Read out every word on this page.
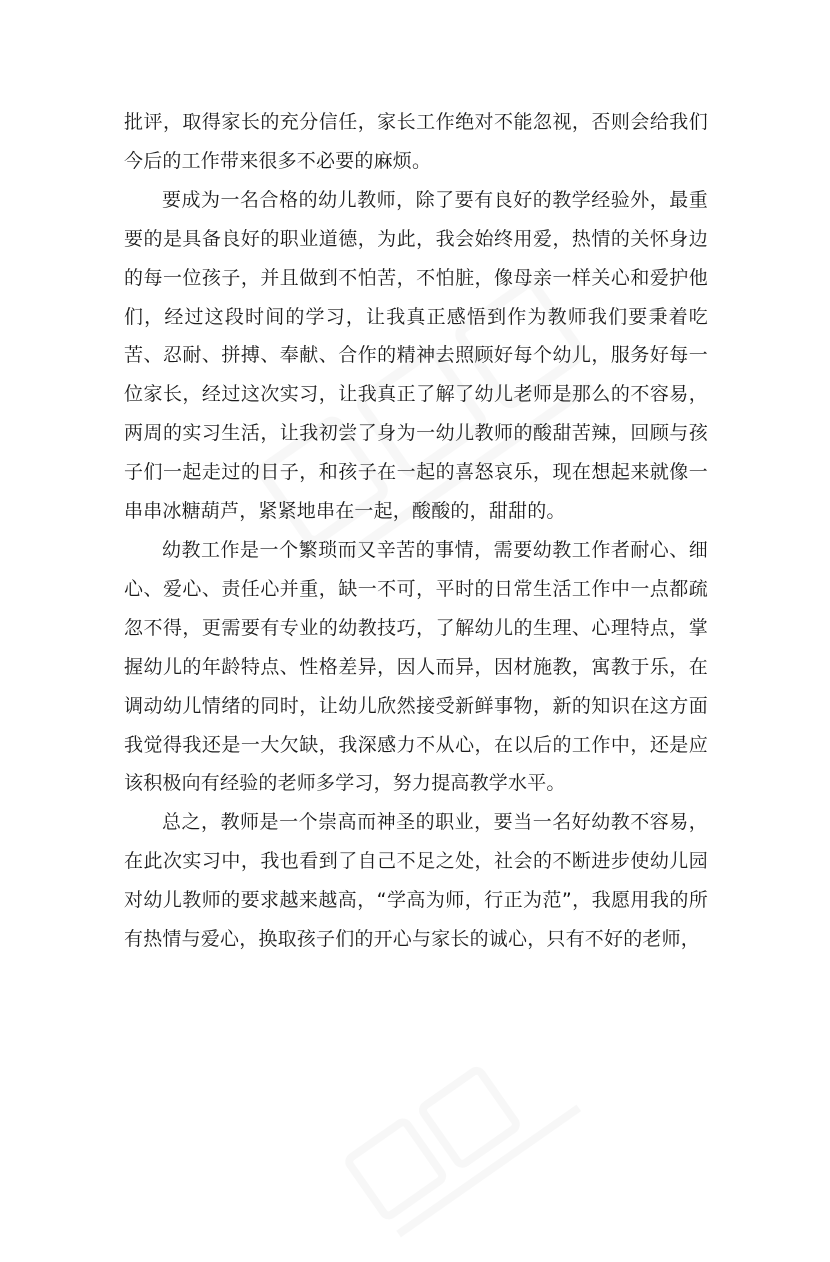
批评，取得家长的充分信任，家长工作绝对不能忽视，否则会给我们今后的工作带来很多不必要的麻烦。

要成为一名合格的幼儿教师，除了要有良好的教学经验外，最重要的是具备良好的职业道德，为此，我会始终用爱，热情的关怀身边的每一位孩子，并且做到不怕苦，不怕脏，像母亲一样关心和爱护他们，经过这段时间的学习，让我真正感悟到作为教师我们要秉着吃苦、忍耐、拼搏、奉献、合作的精神去照顾好每个幼儿，服务好每一位家长，经过这次实习，让我真正了解了幼儿老师是那么的不容易，两周的实习生活，让我初尝了身为一幼儿教师的酸甜苦辣，回顾与孩子们一起走过的日子，和孩子在一起的喜怒哀乐，现在想起来就像一串串冰糖葫芦，紧紧地串在一起，酸酸的，甜甜的。

幼教工作是一个繁琐而又辛苦的事情，需要幼教工作者耐心、细心、爱心、责任心并重，缺一不可，平时的日常生活工作中一点都疏忽不得，更需要有专业的幼教技巧，了解幼儿的生理、心理特点，掌握幼儿的年龄特点、性格差异，因人而异，因材施教，寓教于乐，在调动幼儿情绪的同时，让幼儿欣然接受新鲜事物，新的知识在这方面我觉得我还是一大欠缺，我深感力不从心，在以后的工作中，还是应该积极向有经验的老师多学习，努力提高教学水平。

总之，教师是一个崇高而神圣的职业，要当一名好幼教不容易，在此次实习中，我也看到了自己不足之处，社会的不断进步使幼儿园对幼儿教师的要求越来越高，“学高为师，行正为范”，我愿用我的所有热情与爱心，换取孩子们的开心与家长的诚心，只有不好的老师，
